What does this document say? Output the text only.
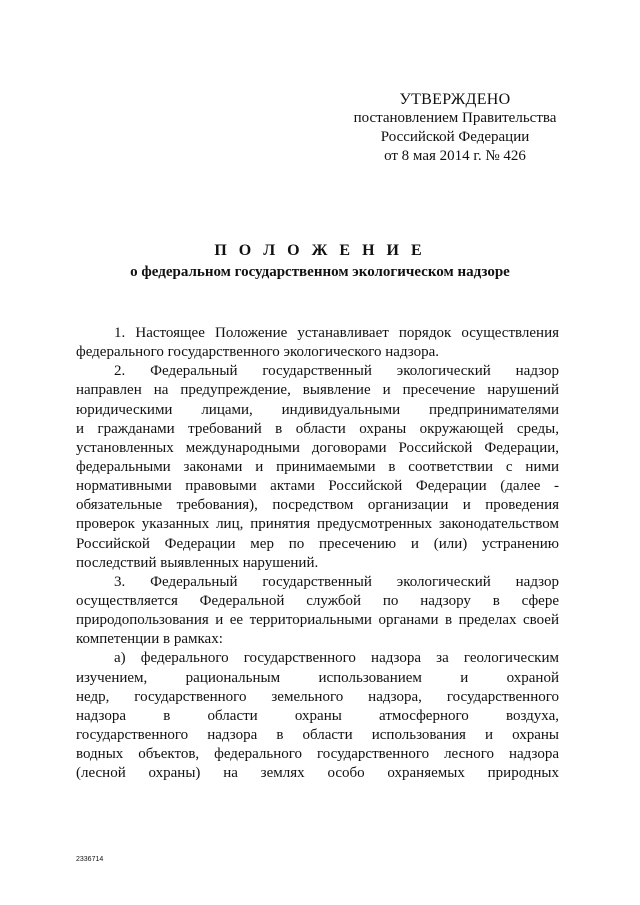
УТВЕРЖДЕНО
постановлением Правительства
Российской Федерации
от 8 мая 2014 г. № 426
П О Л О Ж Е Н И Е
о федеральном государственном экологическом надзоре
1. Настоящее Положение устанавливает порядок осуществления
федерального государственного экологического надзора.
2. Федеральный государственный экологический надзор
направлен на предупреждение, выявление и пресечение нарушений
юридическими лицами, индивидуальными предпринимателями
и гражданами требований в области охраны окружающей среды,
установленных международными договорами Российской Федерации,
федеральными законами и принимаемыми в соответствии с ними
нормативными правовыми актами Российской Федерации (далее -
обязательные требования), посредством организации и проведения
проверок указанных лиц, принятия предусмотренных законодательством
Российской Федерации мер по пресечению и (или) устранению
последствий выявленных нарушений.
3. Федеральный государственный экологический надзор
осуществляется Федеральной службой по надзору в сфере
природопользования и ее территориальными органами в пределах своей
компетенции в рамках:
а) федерального государственного надзора за геологическим
изучением, рациональным использованием и охраной
недр, государственного земельного надзора, государственного
надзора в области охраны атмосферного воздуха,
государственного надзора в области использования и охраны
водных объектов, федерального государственного лесного надзора
(лесной охраны) на землях особо охраняемых природных
2336714
